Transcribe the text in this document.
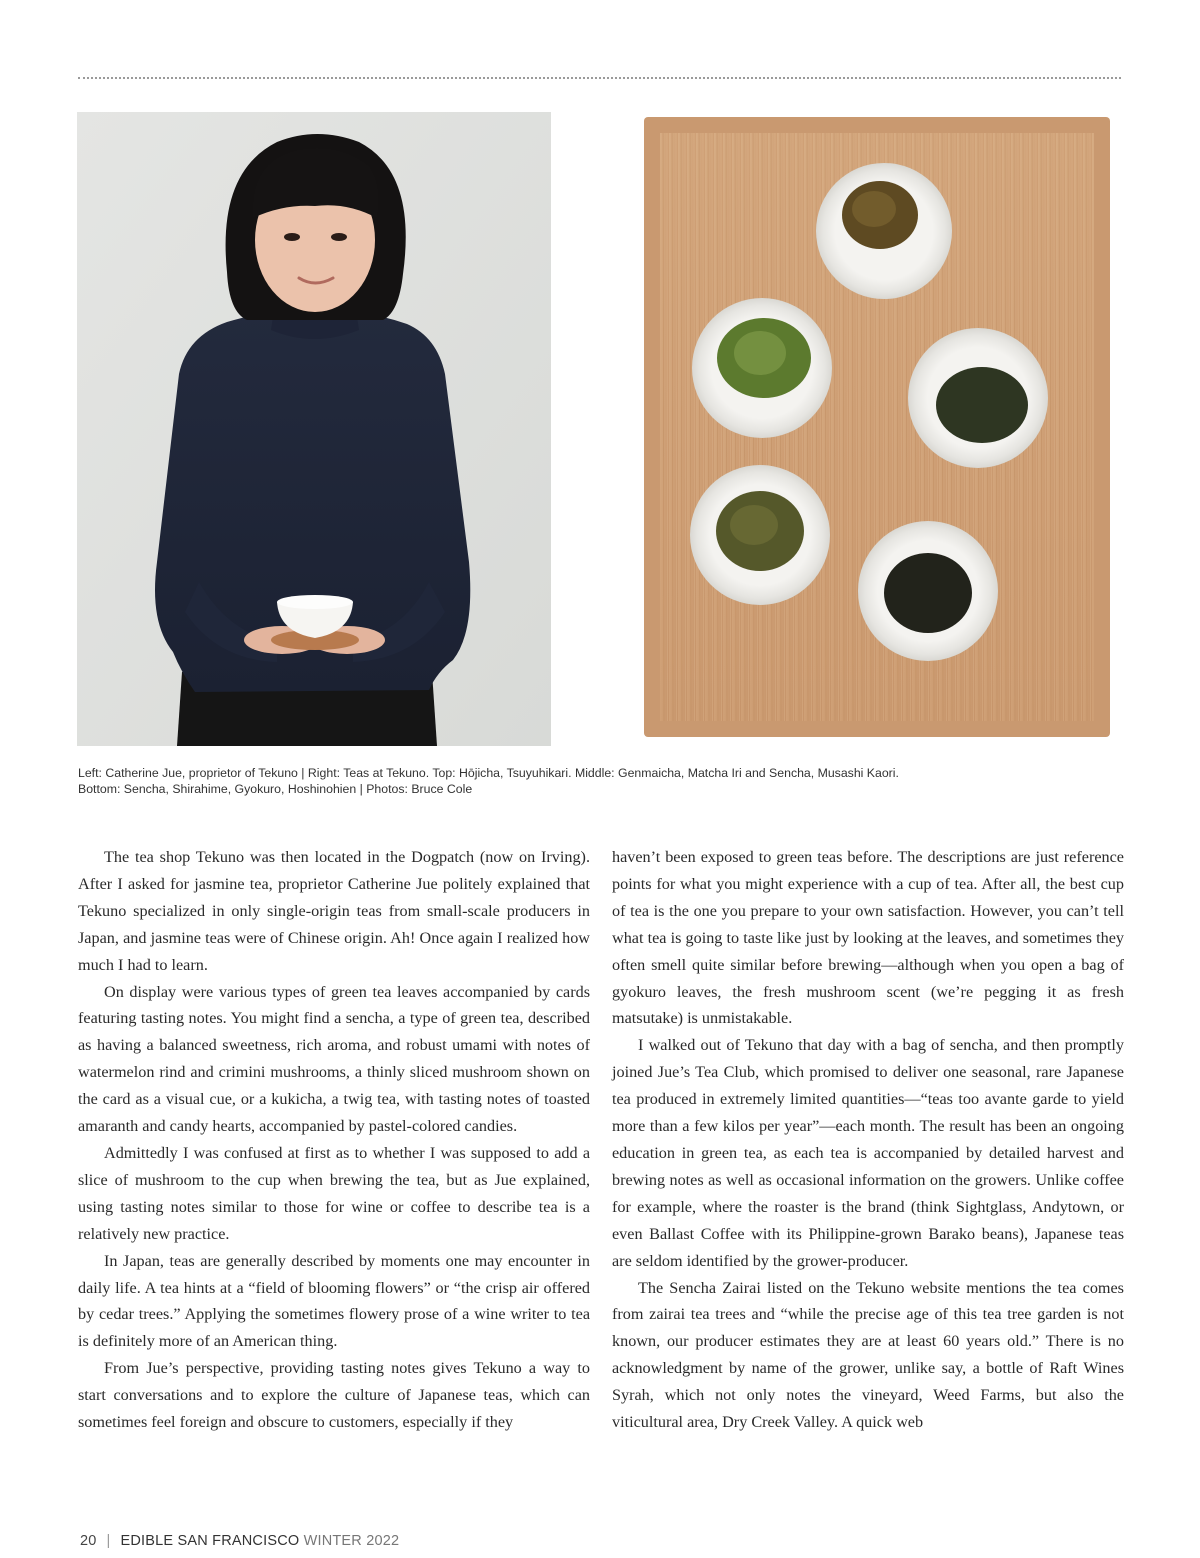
Left: Catherine Jue, proprietor of Tekuno | Right: Teas at Tekuno. Top: Hōjicha, Tsuyuhikari. Middle: Genmaicha, Matcha Iri and Sencha, Musashi Kaori.
Bottom: Sencha, Shirahime, Gyokuro, Hoshinohien | Photos: Bruce Cole

The tea shop Tekuno was then located in the Dogpatch (now on Irving). After I asked for jasmine tea, proprietor Catherine Jue politely explained that Tekuno specialized in only single-origin teas from small-scale producers in Japan, and jasmine teas were of Chinese origin. Ah! Once again I realized how much I had to learn.

On display were various types of green tea leaves accompanied by cards featuring tasting notes. You might find a sencha, a type of green tea, described as having a balanced sweetness, rich aroma, and robust umami with notes of watermelon rind and crimini mushrooms, a thinly sliced mushroom shown on the card as a visual cue, or a kukicha, a twig tea, with tasting notes of toasted amaranth and candy hearts, accompanied by pastel-colored candies.

Admittedly I was confused at first as to whether I was supposed to add a slice of mushroom to the cup when brewing the tea, but as Jue explained, using tasting notes similar to those for wine or coffee to describe tea is a relatively new practice.

In Japan, teas are generally described by moments one may encounter in daily life. A tea hints at a “field of blooming flowers” or “the crisp air offered by cedar trees.” Applying the sometimes flowery prose of a wine writer to tea is definitely more of an American thing.

From Jue’s perspective, providing tasting notes gives Tekuno a way to start conversations and to explore the culture of Japanese teas, which can sometimes feel foreign and obscure to customers, especially if they

haven’t been exposed to green teas before. The descriptions are just reference points for what you might experience with a cup of tea. After all, the best cup of tea is the one you prepare to your own satisfaction. However, you can’t tell what tea is going to taste like just by looking at the leaves, and sometimes they often smell quite similar before brewing—although when you open a bag of gyokuro leaves, the fresh mushroom scent (we’re pegging it as fresh matsutake) is unmistakable.

I walked out of Tekuno that day with a bag of sencha, and then promptly joined Jue’s Tea Club, which promised to deliver one seasonal, rare Japanese tea produced in extremely limited quantities—“teas too avante garde to yield more than a few kilos per year”—each month. The result has been an ongoing education in green tea, as each tea is accompanied by detailed harvest and brewing notes as well as occasional information on the growers. Unlike coffee for example, where the roaster is the brand (think Sightglass, Andytown, or even Ballast Coffee with its Philippine-grown Barako beans), Japanese teas are seldom identified by the grower-producer.

The Sencha Zairai listed on the Tekuno website mentions the tea comes from zairai tea trees and “while the precise age of this tea tree garden is not known, our producer estimates they are at least 60 years old.” There is no acknowledgment by name of the grower, unlike say, a bottle of Raft Wines Syrah, which not only notes the vineyard, Weed Farms, but also the viticultural area, Dry Creek Valley. A quick web

20 | EDIBLE SAN FRANCISCO WINTER 2022
